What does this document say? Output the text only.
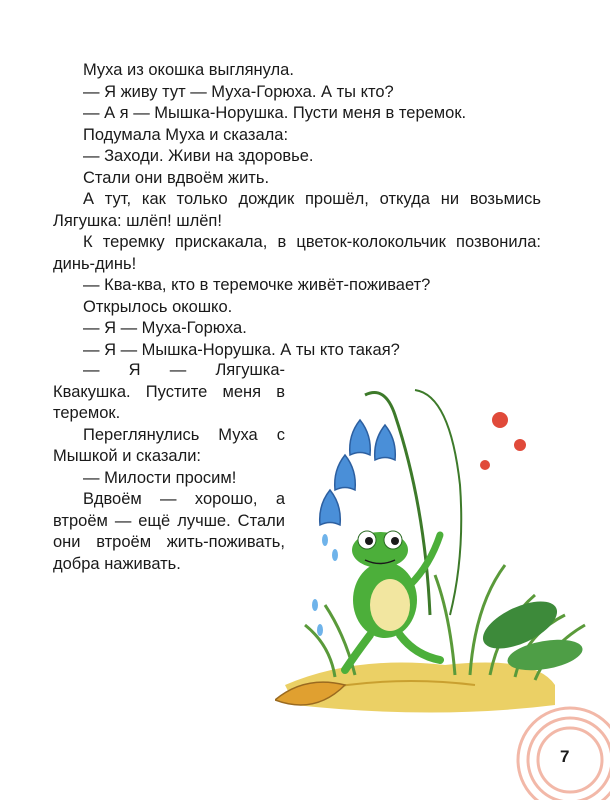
Муха из окошка выглянула.

— Я живу тут — Муха-Горюха. А ты кто?

— А я — Мышка-Норушка. Пусти меня в теремок.

Подумала Муха и сказала:

— Заходи. Живи на здоровье.

Стали они вдвоём жить.

А тут, как только дождик прошёл, откуда ни возьмись Лягушка: шлёп! шлёп!

К теремку прискакала, в цветок-колокольчик позвонила: динь-динь!

— Ква-ква, кто в теремочке живёт-поживает?

Открылось окошко.

— Я — Муха-Горюха.

— Я — Мышка-Норушка. А ты кто такая?

— Я — Лягушка-Квакушка. Пустите меня в теремок.

Переглянулись Муха с Мышкой и сказали:

— Милости просим!

Вдвоём — хорошо, а втроём — ещё лучше. Стали они втроём жить-поживать, добра наживать.

7
